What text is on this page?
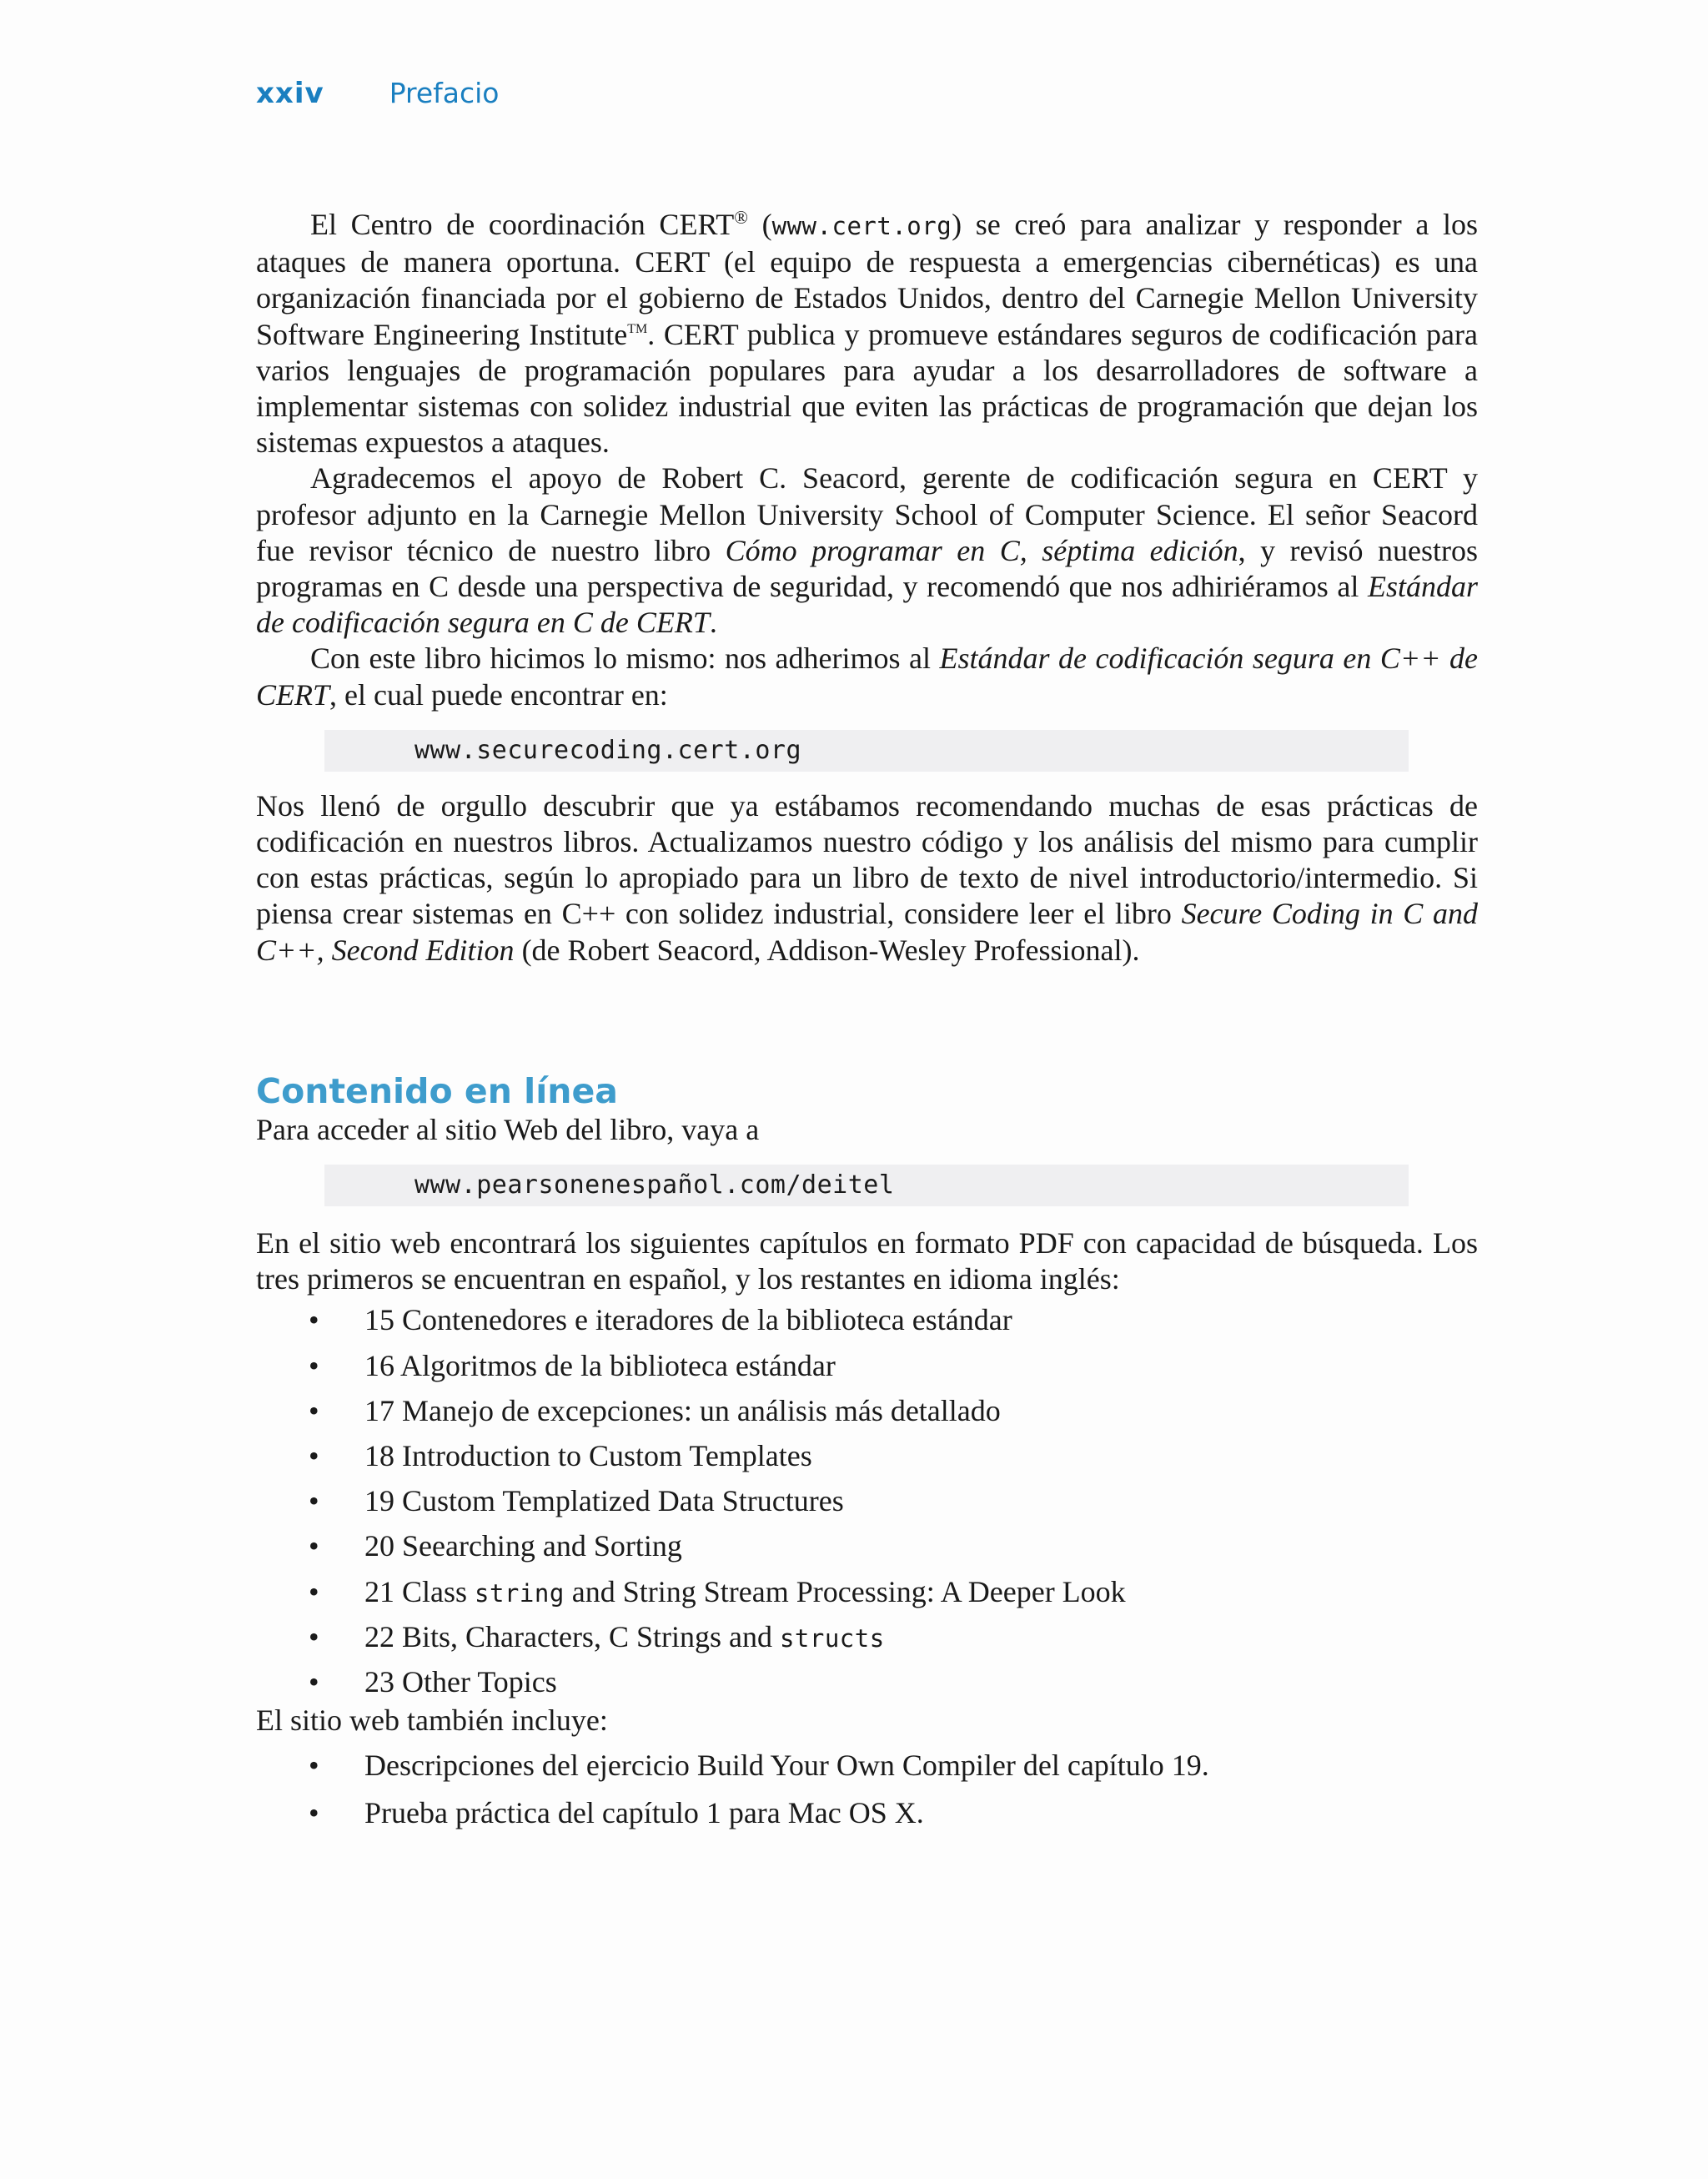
xxiv Prefacio

El Centro de coordinación CERT® (www.cert.org) se creó para analizar y responder a los ataques de manera oportuna. CERT (el equipo de respuesta a emergencias cibernéticas) es una organización financiada por el gobierno de Estados Unidos, dentro del Carnegie Mellon University Software Engineering Institute™. CERT publica y promueve estándares seguros de codificación para varios lenguajes de programación populares para ayudar a los desarrolladores de software a implementar sistemas con solidez industrial que eviten las prácticas de programación que dejan los sistemas expuestos a ataques.

Agradecemos el apoyo de Robert C. Seacord, gerente de codificación segura en CERT y profesor adjunto en la Carnegie Mellon University School of Computer Science. El señor Seacord fue revisor técnico de nuestro libro Cómo programar en C, séptima edición, y revisó nuestros programas en C desde una perspectiva de seguridad, y recomendó que nos adhiriéramos al Estándar de codificación segura en C de CERT.

Con este libro hicimos lo mismo: nos adherimos al Estándar de codificación segura en C++ de CERT, el cual puede encontrar en:

www.securecoding.cert.org

Nos llenó de orgullo descubrir que ya estábamos recomendando muchas de esas prácticas de codificación en nuestros libros. Actualizamos nuestro código y los análisis del mismo para cumplir con estas prácticas, según lo apropiado para un libro de texto de nivel introductorio/intermedio. Si piensa crear sistemas en C++ con solidez industrial, considere leer el libro Secure Coding in C and C++, Second Edition (de Robert Seacord, Addison-Wesley Professional).

Contenido en línea

Para acceder al sitio Web del libro, vaya a

www.pearsonenespañol.com/deitel

En el sitio web encontrará los siguientes capítulos en formato PDF con capacidad de búsqueda. Los tres primeros se encuentran en español, y los restantes en idioma inglés:

• 15 Contenedores e iteradores de la biblioteca estándar
• 16 Algoritmos de la biblioteca estándar
• 17 Manejo de excepciones: un análisis más detallado
• 18 Introduction to Custom Templates
• 19 Custom Templatized Data Structures
• 20 Seearching and Sorting
• 21 Class string and String Stream Processing: A Deeper Look
• 22 Bits, Characters, C Strings and structs
• 23 Other Topics

El sitio web también incluye:

• Descripciones del ejercicio Build Your Own Compiler del capítulo 19.
• Prueba práctica del capítulo 1 para Mac OS X.
